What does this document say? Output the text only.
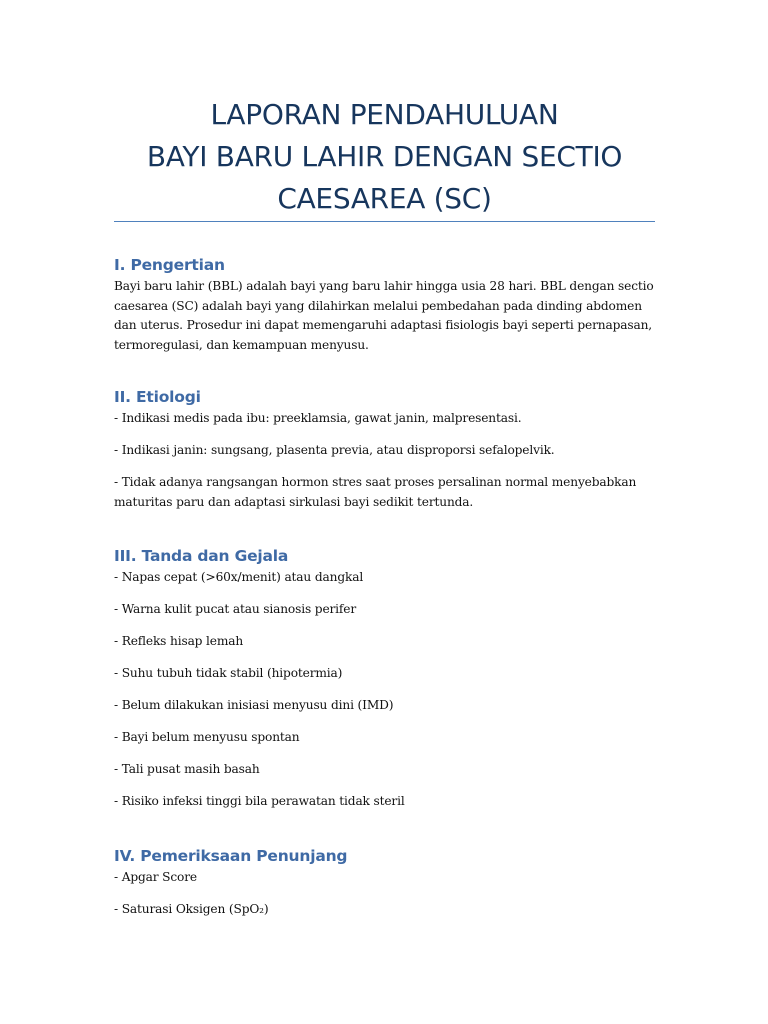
LAPORAN PENDAHULUAN
BAYI BARU LAHIR DENGAN SECTIO
CAESAREA (SC)
I. Pengertian

Bayi baru lahir (BBL) adalah bayi yang baru lahir hingga usia 28 hari. BBL dengan sectio caesarea (SC) adalah bayi yang dilahirkan melalui pembedahan pada dinding abdomen dan uterus. Prosedur ini dapat memengaruhi adaptasi fisiologis bayi seperti pernapasan, termoregulasi, dan kemampuan menyusu.

II. Etiologi

- Indikasi medis pada ibu: preeklamsia, gawat janin, malpresentasi.

- Indikasi janin: sungsang, plasenta previa, atau disproporsi sefalopelvik.

- Tidak adanya rangsangan hormon stres saat proses persalinan normal menyebabkan maturitas paru dan adaptasi sirkulasi bayi sedikit tertunda.

III. Tanda dan Gejala

- Napas cepat (>60x/menit) atau dangkal

- Warna kulit pucat atau sianosis perifer

- Refleks hisap lemah

- Suhu tubuh tidak stabil (hipotermia)

- Belum dilakukan inisiasi menyusu dini (IMD)

- Bayi belum menyusu spontan

- Tali pusat masih basah

- Risiko infeksi tinggi bila perawatan tidak steril

IV. Pemeriksaan Penunjang

- Apgar Score

- Saturasi Oksigen (SpO₂)
